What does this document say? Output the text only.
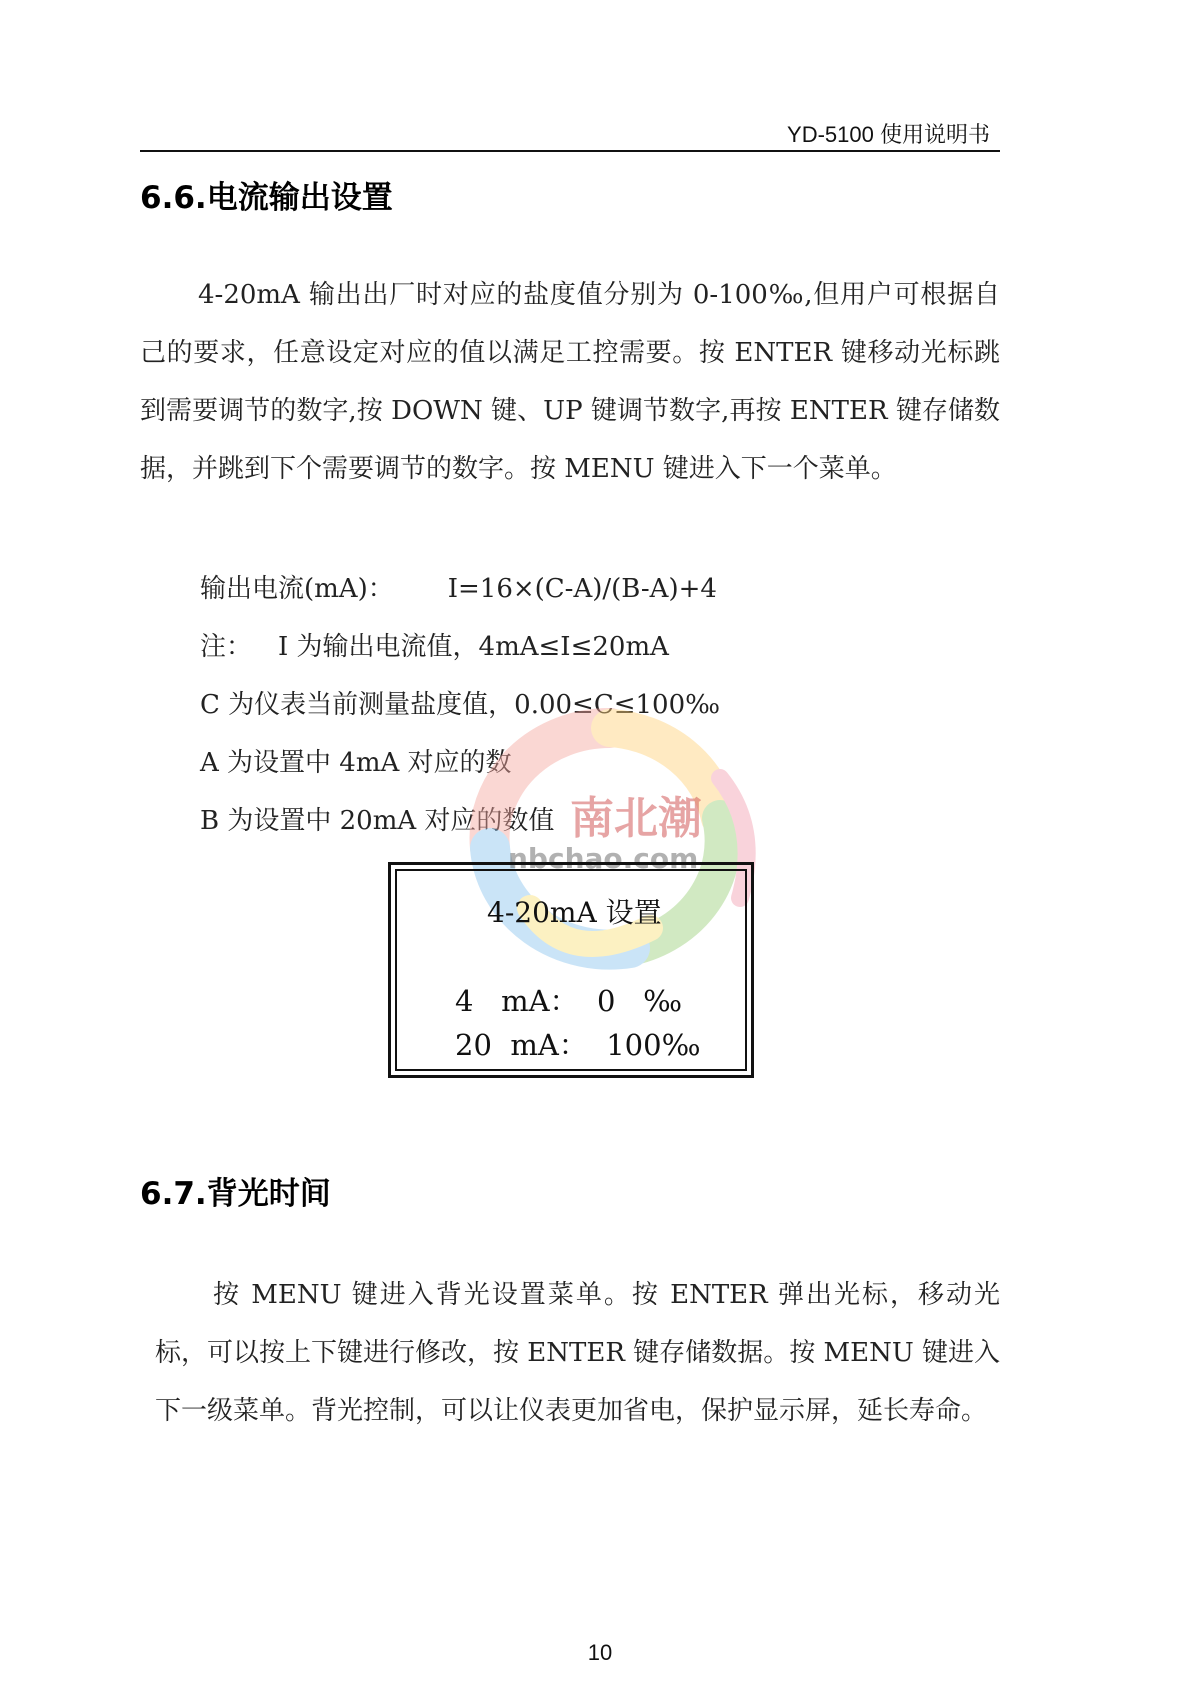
YD-5100 使用说明书
6.6.电流输出设置

4-20mA 输出出厂时对应的盐度值分别为 0-100‰,但用户可根据自己的要求，任意设定对应的值以满足工控需要。按 ENTER 键移动光标跳到需要调节的数字,按 DOWN 键、UP 键调节数字,再按 ENTER 键存储数据，并跳到下个需要调节的数字。按 MENU 键进入下一个菜单。

输出电流(mA)： I=16×(C-A)/(B-A)+4
注： I 为输出电流值，4mA≤I≤20mA
C 为仪表当前测量盐度值，0.00≤C≤100‰
A 为设置中 4mA 对应的数
B 为设置中 20mA 对应的数值 南北潮
nbchao.com
4-20mA 设置
4   mA：  0   ‰
20  mA：  100‰
6.7.背光时间

按 MENU 键进入背光设置菜单。按 ENTER 弹出光标，移动光标，可以按上下键进行修改，按 ENTER 键存储数据。按 MENU 键进入下一级菜单。背光控制，可以让仪表更加省电，保护显示屏，延长寿命。

10
